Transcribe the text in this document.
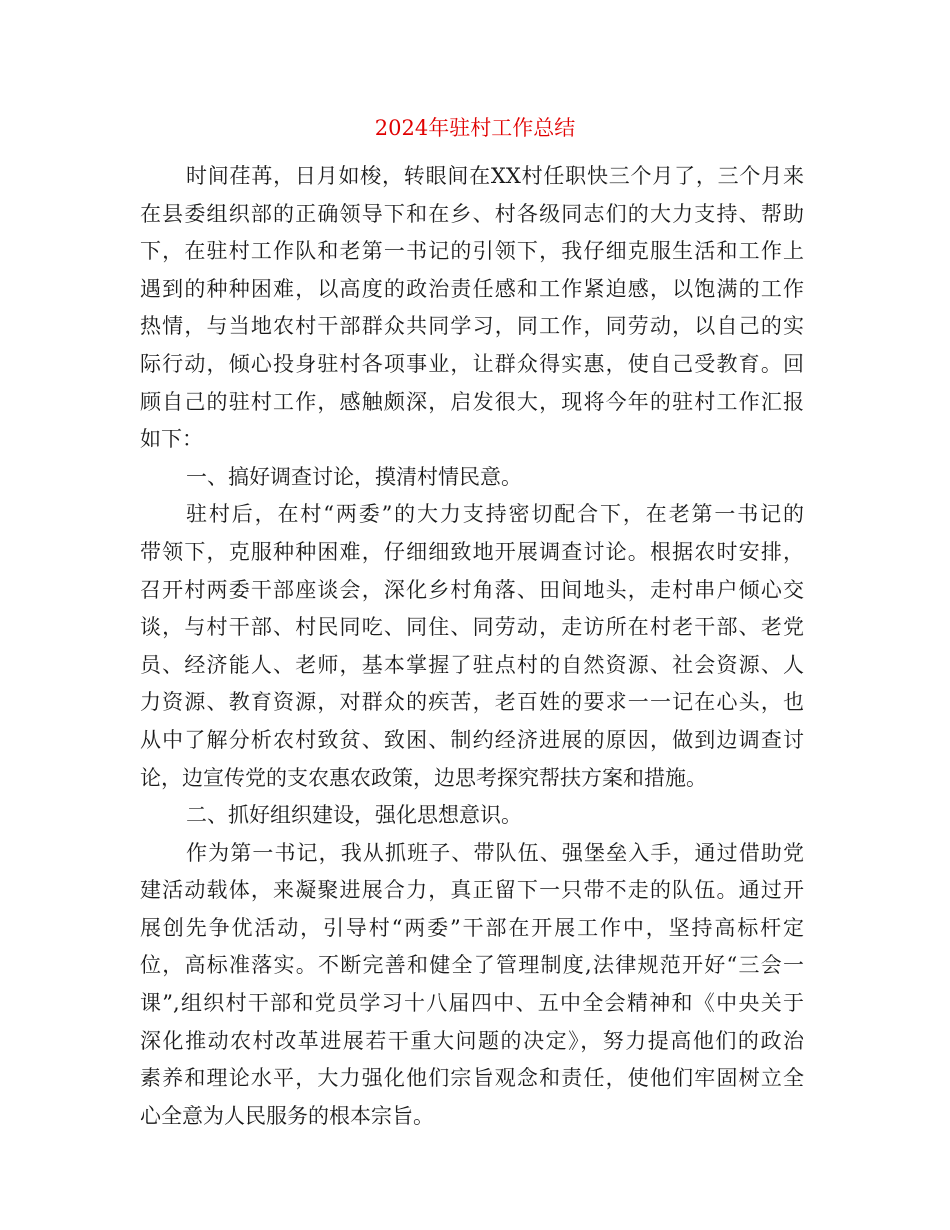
2024年驻村工作总结
时间荏苒，日月如梭，转眼间在XX村任职快三个月了，三个月来
在县委组织部的正确领导下和在乡、村各级同志们的大力支持、帮助
下，在驻村工作队和老第一书记的引领下，我仔细克服生活和工作上
遇到的种种困难，以高度的政治责任感和工作紧迫感，以饱满的工作
热情，与当地农村干部群众共同学习，同工作，同劳动，以自己的实
际行动，倾心投身驻村各项事业，让群众得实惠，使自己受教育。回
顾自己的驻村工作，感触颇深，启发很大，现将今年的驻村工作汇报
如下：
一、搞好调查讨论，摸清村情民意。
驻村后，在村“两委”的大力支持密切配合下，在老第一书记的
带领下，克服种种困难，仔细细致地开展调查讨论。根据农时安排，
召开村两委干部座谈会，深化乡村角落、田间地头，走村串户倾心交
谈，与村干部、村民同吃、同住、同劳动，走访所在村老干部、老党
员、经济能人、老师，基本掌握了驻点村的自然资源、社会资源、人
力资源、教育资源，对群众的疾苦，老百姓的要求一一记在心头，也
从中了解分析农村致贫、致困、制约经济进展的原因，做到边调查讨
论，边宣传党的支农惠农政策，边思考探究帮扶方案和措施。
二、抓好组织建设，强化思想意识。
作为第一书记，我从抓班子、带队伍、强堡垒入手，通过借助党
建活动载体，来凝聚进展合力，真正留下一只带不走的队伍。通过开
展创先争优活动，引导村“两委”干部在开展工作中，坚持高标杆定
位，高标准落实。不断完善和健全了管理制度,法律规范开好“三会一
课”,组织村干部和党员学习十八届四中、五中全会精神和《中央关于
深化推动农村改革进展若干重大问题的决定》，努力提高他们的政治
素养和理论水平，大力强化他们宗旨观念和责任，使他们牢固树立全
心全意为人民服务的根本宗旨。
